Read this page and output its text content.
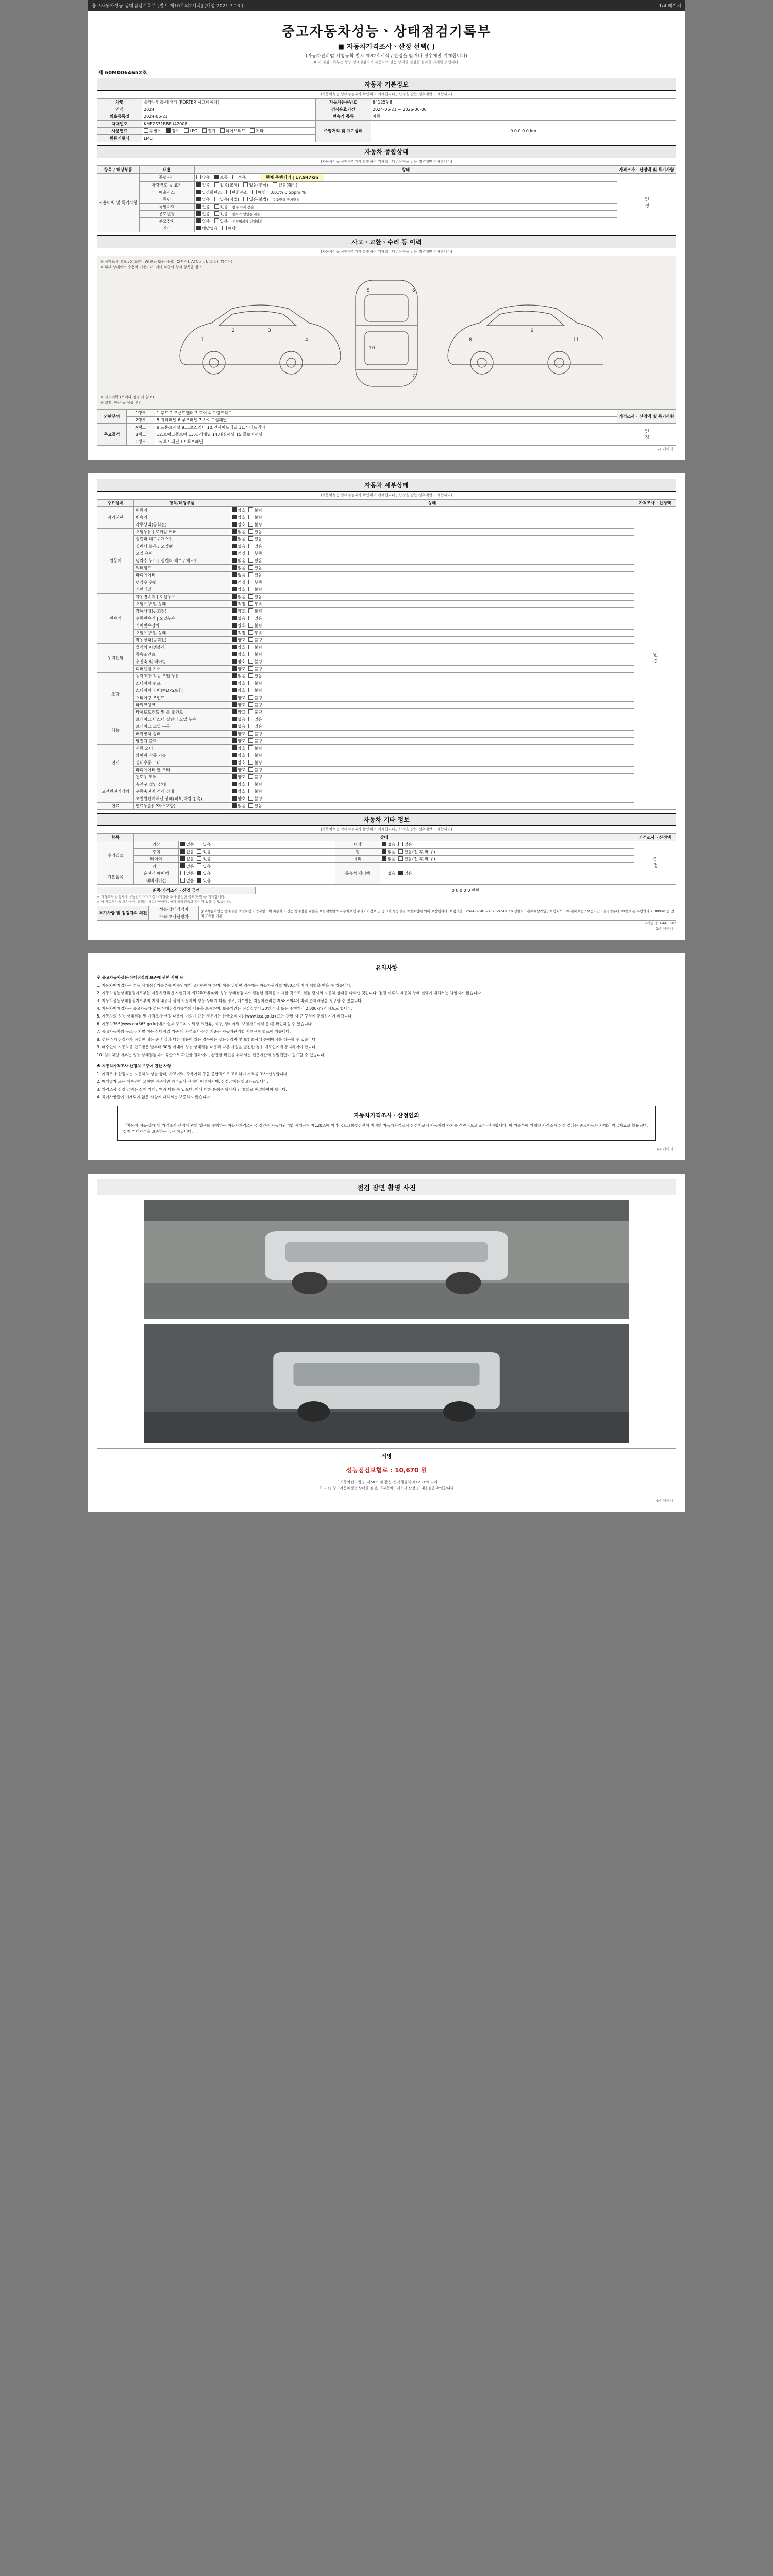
중고자동차성능·상태점검기록부 [별지 제10호의2서식] (개정 2021.7.13.)	1/4 페이지
중고자동차성능ㆍ상태점검기록부
■ 자동차가격조사ㆍ산정 선택( )
(자동차관리법 시행규칙 별지 제82호서식 / 산정을 받거나 경우에만 기재합니다)
※ 이 점검기록부는 성능·상태점검자가 자동차의 성능·상태를 점검한 결과를 기재한 것입니다.
제 60M0064652호
자동차 기본정보
(자동차성능·상태점검자가 확인하여 기재합니다 / 산정을 받는 경우에만 기재합니다)
차명	쏠라니언틀-네바티 (PORTER 시그네이쳐)	자동차등록번호	84125원8
연식	2024	검사유효기간	2024-06-21 ~ 2026-06-00
최초등록일	2024-06-21	변속기 종류	자동
차대번호	KMFZS71BBFU42008	주행거리 및 계기상태	0 0 0 0 0 km
사용연료	휘발유 경유 LPG 전기 하이브리드 기타		
원동기형식	LMC		
자동차 종합상태
(자동차성능·상태점검자가 확인하여 기재합니다 / 산정을 받는 경우에만 기재합니다)
항목 / 해당부품	내용	상태	가격조사 · 산정액 및 특기사항
사용이력 및 특기사항	주행거리	많음 보통 적음 현재 주행거리 | 17,947km	인정
	차량번호 등 표기	없음 있음(교체) 있음(부식) 있음(훼손)	
	배출가스	일산화탄소 탄화수소 매연 0.01% 0.5ppm %	
	튜닝	없음 있음(적법) 있음(불법) 구조변경 장치변경	
	특별이력	없음 있음 침수 화재 전손	
	용도변경	없음 있음 렌트카 영업용 관용	
	주요장치	없음 있음 동일명의자 변경명의	
	기타	해당없음 해당	
사고ㆍ교환ㆍ수리 등 이력
(자동차성능·상태점검자가 확인하여 기재합니다 / 산정을 받는 경우에만 기재합니다)
※ 상태표시 부호 : X(교환), W(판금 또는 용접), C(부식), A(흠집), U(요철), T(손상)
※ 하부 상태에서 승용차 기준이며, 기타 차종의 상세 항목을 참조
1
2	3
4
5
10
6
7
8
9
11
※ 사고이력 (보이나 점검 시 참조)
※ 교환, 판금 등 이상 부위
외판부위	1랭크	1.후드 2.프론트팬더 3.도어 4.트렁크리드	가격조사 · 산정액 및 특기사항
	2랭크	5.쿼터패널 6.루프패널 7.사이드실패널	
주요골격	A랭크	8.프론트패널 9.크로스멤버 10.인사이드패널 11.사이드멤버	인정
	B랭크	12.트렁크플로어 13.필러패널 14.대쉬패널 15.플로어패널	
	C랭크	16.후드패널 17.루프패널	
1/4 페이지
자동차 세부상태
(자동차성능·상태점검자가 확인하여 기재합니다 / 산정을 받는 경우에만 기재합니다)
주요장치	항목/해당부품	상태	가격조사 · 산정액
자기진단	원동기	양호 불량	인정
	변속기	양호 불량	
	작동상태(공회전)	양호 불량	
원동기	오일누유 | 로커암 커버	없음 있음	
	실린더 헤드 / 개스킷	없음 있음	
	실린더 블록 / 오일팬	없음 있음	
	오일 유량	적정 부족	
	냉각수 누수 | 실린더 헤드 / 개스킷	없음 있음	
	워터펌프	없음 있음	
	라디에이터	없음 있음	
	냉각수 수량	적정 부족	
	커먼레일	양호 불량	
변속기	자동변속기 | 오일누유	없음 있음	
	오일유량 및 상태	적정 부족	
	작동상태(공회전)	양호 불량	
	수동변속기 | 오일누유	없음 있음	
	기어변속장치	양호 불량	
	오일유량 및 상태	적정 부족	
	작동상태(공회전)	양호 불량	
동력전달	클러치 어셈블리	양호 불량	
	등속조인트	양호 불량	
	추진축 및 베어링	양호 불량	
	디퍼렌셜 기어	양호 불량	
조향	동력조향 작동 오일 누유	없음 있음	
	스티어링 펌프	양호 불량	
	스티어링 기어(MDPS포함)	양호 불량	
	스티어링 조인트	양호 불량	
	파워크랭크	양호 불량	
	타이로드엔드 및 볼 조인트	양호 불량	
제동	브레이크 마스터 실린더 오일 누유	없음 있음	
	브레이크 오일 누유	없음 있음	
	배력장치 상태	양호 불량	
	발전기 출력	양호 불량	
전기	시동 모터	양호 불량	
	와이퍼 작동 기능	양호 불량	
	실내송풍 모터	양호 불량	
	라디에이터 팬 모터	양호 불량	
	윈도우 모터	양호 불량	
고전원전기장치	충전구 절연 상태	양호 불량	
	구동축전지 격리 상태	양호 불량	
	고전원전기배선 상태(피복,마감,접촉)	양호 불량	
연료	연료누출(LP가스포함)	없음 있음	
자동차 기타 정보
(자동차성능·상태점검자가 확인하여 기재합니다 / 산정을 받는 경우에만 기재합니다)
항목	상태				가격조사 · 산정액
수리필요	외장	없음 있음	내장	없음 있음	인정
	광택	없음 있음	휠	없음 있음(전,후,좌,우)	
	타이어	없음 있음	유리	없음 있음(전,후,좌,우)	
	기타	없음 있음			
기본품목	운전석 에어백	없음 있음	동승석 에어백	없음 있음	
	내비게이션	없음 있음			
최종 가격조사 · 산정 금액	0 0 0 0 0 만원
※ 가격조사·산정자에 성능점검자가 자동차가격을 조사·산정한 금액(만원)을 기재합니다.
※ 이 자동차가격 조사·산정 금액은 참고사항이며, 실제 거래금액과 차이가 있을 수 있습니다.
특기사항 및 점검자의 의견	성능·상태점검자	중고자동차성능·상태점검 책임보험 가입사항 : 이 자동차의 성능·상태점검 내용은 보험개발원의 자동차보험 수리이력정보 및 중고차 성능점검 책임보험에 의해 보장됩니다. 보험기간 : 2024-07-01~2026-07-01 / 보장한도 : 손해배상책임 / 보험회사 : DB손해보험 / 보증기간 : 점검일부터 30일 또는 주행거리 2,000km 중 먼저 도래한 기준
가격·조사산정자
고객센터 1644-3603
2/4 페이지
유의사항

※ 중고자동차성능·상태점검의 보증에 관한 사항 등

1. 자동차매매업자는 성능·상태점검기록부를 매수인에게 고지하여야 하며, 이를 위반한 경우에는 자동차관리법 제80조에 따라 처벌을 받을 수 있습니다.

2. 자동차성능상태점검기록부는 자동차관리법 시행규칙 제120조에 따라 성능·상태점검자가 점검한 결과를 기재한 것으로, 점검 당시의 자동차 상태를 나타낸 것입니다. 점검 이후의 자동차 상태 변화에 대해서는 책임지지 않습니다.

3. 자동차성능상태점검기록부의 기재 내용과 실제 자동차의 성능·상태가 다른 경우, 매수인은 자동차관리법 제58조의4에 따라 손해배상을 청구할 수 있습니다.

4. 자동차매매업자는 중고자동차 성능·상태점검기록부의 내용을 보증하며, 보증기간은 점검일부터 30일 이상 또는 주행거리 2,000km 이상으로 합니다.

5. 자동차의 성능·상태점검 및 가격조사·산정 내용에 이의가 있는 경우에는 한국소비자원(www.kca.go.kr) 또는 관할 시·군·구청에 문의하시기 바랍니다.

6. 자동차365(www.car365.go.kr)에서 실제 중고차 이력정보(압류, 저당, 정비이력, 보험사고이력 등)를 확인하실 수 있습니다.

7. 중고자동차의 구조·장치별 성능·상태점검 기준 및 가격조사·산정 기준은 자동차관리법 시행규칙 별표에 따릅니다.

8. 성능·상태점검자가 점검한 내용 중 사실과 다른 내용이 있는 경우에는 성능점검자 및 보험회사에 손해배상을 청구할 수 있습니다.

9. 매수인이 자동차를 인도받은 날부터 30일 이내에 성능·상태점검 내용과 다른 사실을 발견한 경우 매도인에게 통지하여야 합니다.

10. 침수차량 여부는 성능·상태점검자가 육안으로 확인한 결과이며, 완전한 확인을 위해서는 전문기관의 정밀진단이 필요할 수 있습니다.

※ 자동차가격조사·산정의 보증에 관한 사항

1. 가격조사·산정자는 자동차의 성능·상태, 사고이력, 주행거리 등을 종합적으로 고려하여 가격을 조사·산정합니다.

2. 매매업자 또는 매수인이 요청한 경우에만 가격조사·산정이 이루어지며, 산정금액은 참고자료입니다.

3. 가격조사·산정 금액은 실제 거래금액과 다를 수 있으며, 이에 대한 분쟁은 당사자 간 협의로 해결하여야 합니다.

4. 특기사항란에 기재되지 않은 사항에 대해서는 보증하지 않습니다.

자동차가격조사ㆍ산정인의

「자동차 성능·상태 및 가격조사·산정에 관한 업무를 수행하는 자동차가격조사·산정인은 자동차관리법 시행규칙 제120조에 따라 국토교통부장관이 지정한 자동차가격조사·산정자로서 자동차의 가치를 객관적으로 조사·산정합니다. 이 기록부에 기재된 가격조사·산정 결과는 중고자동차 거래의 참고자료로 활용되며, 실제 거래가격을 보증하는 것은 아닙니다.」

3/4 페이지
점검 장면 촬영 사진
서명
성능점검보험료 : 10,670 원
「 자동차관리법 」 제58조 및 같은 법 시행규칙 제120조에 따라
「1∼3」중고자동차성능·상태를 점검, 「자동차가격조사·산정 」 내용검을 확인합니다.
4/4 페이지
